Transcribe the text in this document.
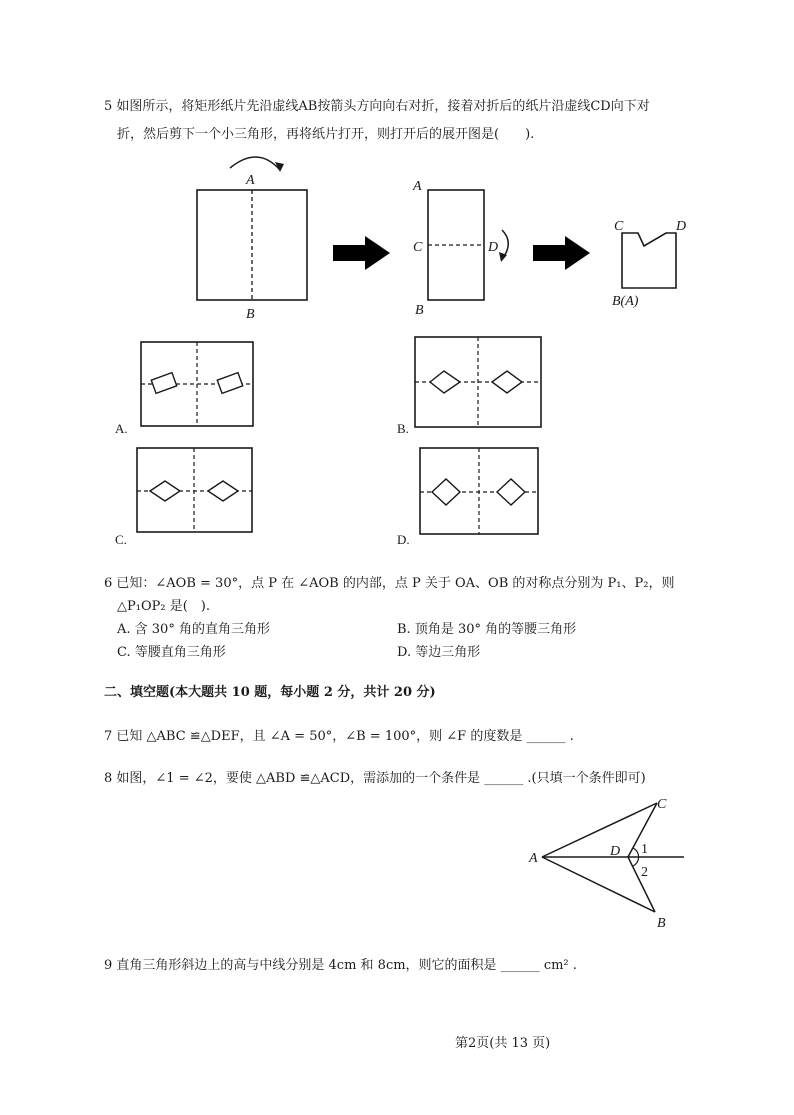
5 如图所示，将矩形纸片先沿虚线AB按箭头方向向右对折，接着对折后的纸片沿虚线CD向下对
折，然后剪下一个小三角形，再将纸片打开，则打开后的展开图是(　　).
A
B
A
C	D
B
C	D
B(A)
A.	B.
C.	D.
6 已知：∠AOB = 30°，点 P 在 ∠AOB 的内部，点 P 关于 OA、OB 的对称点分别为 P₁、P₂，则
△P₁OP₂ 是(　).
A. 含 30° 角的直角三角形	B. 顶角是 30° 角的等腰三角形
C. 等腰直角三角形	D. 等边三角形
二、填空题(本大题共 10 题，每小题 2 分，共计 20 分)
7 已知 △ABC ≌△DEF，且 ∠A = 50°，∠B = 100°，则 ∠F 的度数是 ______ .
8 如图，∠1 = ∠2，要使 △ABD ≌△ACD，需添加的一个条件是 ______ .(只填一个条件即可)
A	D
C
B
1
2
9 直角三角形斜边上的高与中线分别是 4cm 和 8cm，则它的面积是 ______ cm² .
第2页(共 13 页)
